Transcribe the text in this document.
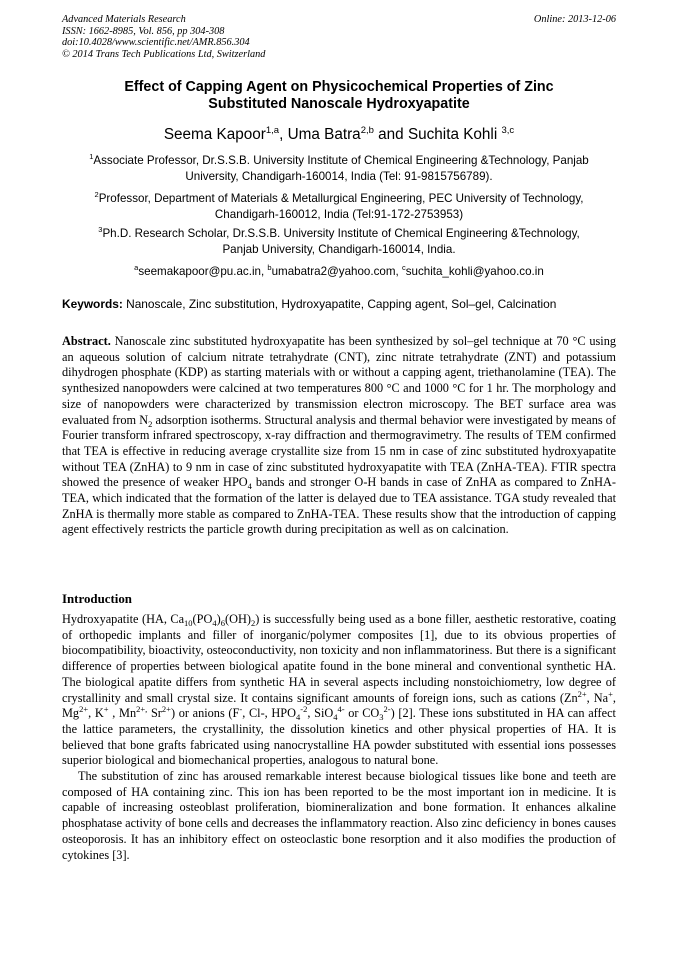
Advanced Materials Research
ISSN: 1662-8985, Vol. 856, pp 304-308
doi:10.4028/www.scientific.net/AMR.856.304
© 2014 Trans Tech Publications Ltd, Switzerland
Online: 2013-12-06
Effect of Capping Agent on Physicochemical Properties of Zinc
Substituted Nanoscale Hydroxyapatite
Seema Kapoor$^{1,a}$, Uma Batra$^{2,b}$ and Suchita Kohli $^{3,c}$
$^1$Associate Professor, Dr.S.S.B. University Institute of Chemical Engineering &Technology, Panjab
University, Chandigarh-160014, India (Tel: 91-9815756789).
$^2$Professor, Department of Materials & Metallurgical Engineering, PEC University of Technology,
Chandigarh-160012, India (Tel:91-172-2753953)
$^3$Ph.D. Research Scholar, Dr.S.S.B. University Institute of Chemical Engineering &Technology,
Panjab University, Chandigarh-160014, India.
$^a$seemakapoor@pu.ac.in, $^b$umabatra2@yahoo.com, $^c$suchita_kohli@yahoo.co.in
Keywords: Nanoscale, Zinc substitution, Hydroxyapatite, Capping agent, Sol–gel, Calcination
Abstract. Nanoscale zinc substituted hydroxyapatite has been synthesized by sol–gel technique at 70 °C using an aqueous solution of calcium nitrate tetrahydrate (CNT), zinc nitrate tetrahydrate (ZNT) and potassium dihydrogen phosphate (KDP) as starting materials with or without a capping agent, triethanolamine (TEA). The synthesized nanopowders were calcined at two temperatures 800 °C and 1000 °C for 1 hr. The morphology and size of nanopowders were characterized by transmission electron microscopy. The BET surface area was evaluated from $N_2$ adsorption isotherms. Structural analysis and thermal behavior were investigated by means of Fourier transform infrared spectroscopy, x-ray diffraction and thermogravimetry. The results of TEM confirmed that TEA is effective in reducing average crystallite size from 15 nm in case of zinc substituted hydroxyapatite without TEA (ZnHA) to 9 nm in case of zinc substituted hydroxyapatite with TEA (ZnHA-TEA). FTIR spectra showed the presence of weaker $HPO_4$ bands and stronger O-H bands in case of ZnHA as compared to ZnHA-TEA, which indicated that the formation of the latter is delayed due to TEA assistance. TGA study revealed that ZnHA is thermally more stable as compared to ZnHA-TEA. These results show that the introduction of capping agent effectively restricts the particle growth during precipitation as well as on calcination.
Introduction

Hydroxyapatite (HA, $Ca_{10}(PO_4)_6(OH)_2$) is successfully being used as a bone filler, aesthetic restorative, coating of orthopedic implants and filler of inorganic/polymer composites [1], due to its obvious properties of biocompatibility, bioactivity, osteoconductivity, non toxicity and non inflammatoriness. But there is a significant difference of properties between biological apatite found in the bone mineral and conventional synthetic HA. The biological apatite differs from synthetic HA in several aspects including nonstoichiometry, low degree of crystallinity and small crystal size. It contains significant amounts of foreign ions, such as cations ($Zn^{2+}$, Na+, $Mg^{2+}$, K+ , $Mn^{2+,}$ $Sr^{2+}$) or anions (F-, Cl-, $HPO_4^{-2}$, SiO$_4^{4-}$ or $CO_3^{2-}$) [2]. These ions substituted in HA can affect the lattice parameters, the crystallinity, the dissolution kinetics and other physical properties of HA. It is believed that bone grafts fabricated using nanocrystalline HA powder substituted with essential ions possesses superior biological and biomechanical properties, analogous to natural bone.

The substitution of zinc has aroused remarkable interest because biological tissues like bone and teeth are composed of HA containing zinc. This ion has been reported to be the most important ion in medicine. It is capable of increasing osteoblast proliferation, biomineralization and bone formation. It enhances alkaline phosphatase activity of bone cells and decreases the inflammatory reaction. Also zinc deficiency in bones causes osteoporosis. It has an inhibitory effect on osteoclastic bone resorption and it also modifies the production of cytokines [3].
